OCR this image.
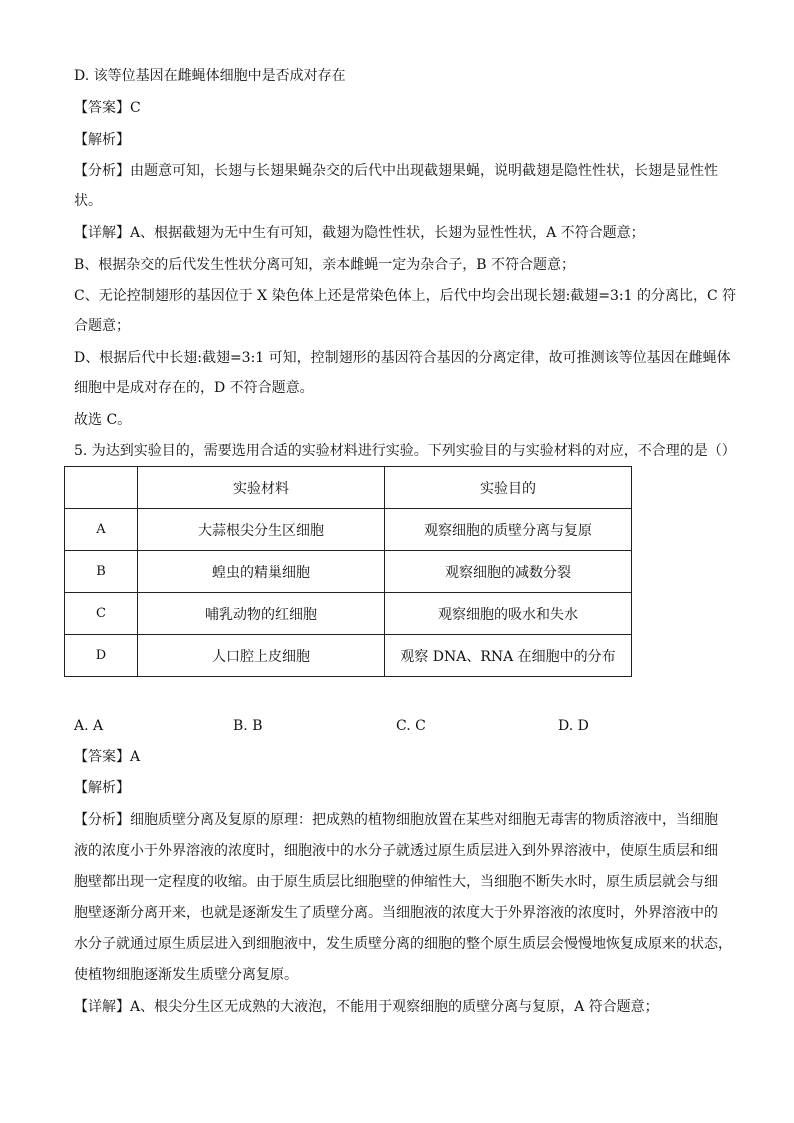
D. 该等位基因在雌蝇体细胞中是否成对存在
【答案】C
【解析】
【分析】由题意可知，长翅与长翅果蝇杂交的后代中出现截翅果蝇，说明截翅是隐性性状，长翅是显性性
状。
【详解】A、根据截翅为无中生有可知，截翅为隐性性状，长翅为显性性状，A 不符合题意；
B、根据杂交的后代发生性状分离可知，亲本雌蝇一定为杂合子，B 不符合题意；
C、无论控制翅形的基因位于 X 染色体上还是常染色体上，后代中均会出现长翅:截翅=3:1 的分离比，C 符
合题意；
D、根据后代中长翅:截翅=3:1 可知，控制翅形的基因符合基因的分离定律，故可推测该等位基因在雌蝇体
细胞中是成对存在的，D 不符合题意。
故选 C。
5. 为达到实验目的，需要选用合适的实验材料进行实验。下列实验目的与实验材料的对应，不合理的是（）
	实验材料	实验目的
A	大蒜根尖分生区细胞	观察细胞的质壁分离与复原
B	蝗虫的精巢细胞	观察细胞的减数分裂
C	哺乳动物的红细胞	观察细胞的吸水和失水
D	人口腔上皮细胞	观察 DNA、RNA 在细胞中的分布
A. A	B. B	C. C	D. D
【答案】A
【解析】
【分析】细胞质壁分离及复原的原理：把成熟的植物细胞放置在某些对细胞无毒害的物质溶液中，当细胞
液的浓度小于外界溶液的浓度时，细胞液中的水分子就透过原生质层进入到外界溶液中，使原生质层和细
胞壁都出现一定程度的收缩。由于原生质层比细胞壁的伸缩性大，当细胞不断失水时，原生质层就会与细
胞壁逐渐分离开来，也就是逐渐发生了质壁分离。当细胞液的浓度大于外界溶液的浓度时，外界溶液中的
水分子就通过原生质层进入到细胞液中，发生质壁分离的细胞的整个原生质层会慢慢地恢复成原来的状态，
使植物细胞逐渐发生质壁分离复原。
【详解】A、根尖分生区无成熟的大液泡，不能用于观察细胞的质壁分离与复原，A 符合题意；
